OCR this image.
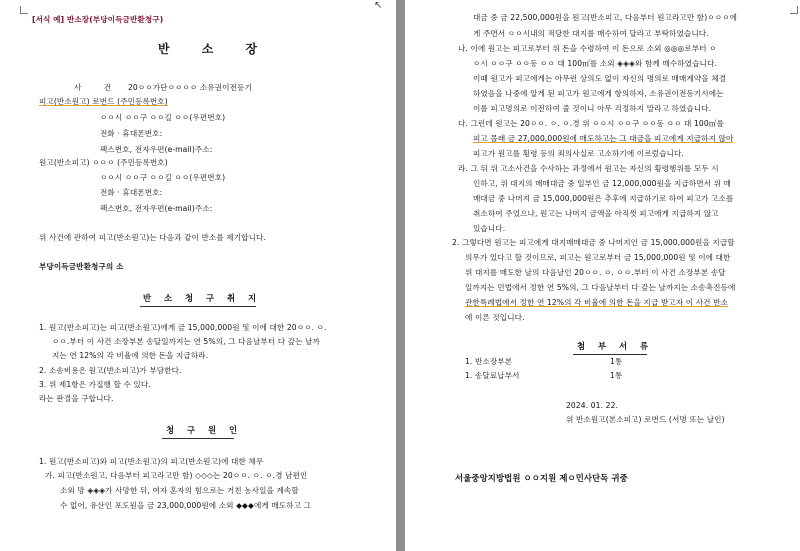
[서식 예] 반소장(부당이득금반환청구)
반 소 장
사 건 20ㅇㅇ가단ㅇㅇㅇㅇ 소유권이전등기
피고(반소원고) 로번드 (주민등록번호)
ㅇㅇ시 ㅇㅇ구 ㅇㅇ길 ㅇㅇ(우편번호)
전화 · 휴대폰번호:
팩스번호, 전자우편(e-mail)주소:
원고(반소피고) ㅇㅇㅇ (주민등록번호)
ㅇㅇ시 ㅇㅇ구 ㅇㅇ길 ㅇㅇ(우편번호)
전화 · 휴대폰번호:
팩스번호, 전자우편(e-mail)주소:
위 사건에 관하여 피고(반소원고)는 다음과 같이 반소를 제기합니다.
부당이득금반환청구의 소
반 소 청 구 취 지
1. 원고(반소피고)는 피고(반소원고)에게 금 15,000,000원 및 이에 대한 20ㅇㅇ. ㅇ.
ㅇㅇ.부터 이 사건 소장부본 송달일까지는 연 5%의, 그 다음날부터 다 갚는 날까
지는 연 12%의 각 비율에 의한 돈을 지급하라.
2. 소송비용은 원고(반소피고)가 부담한다.
3. 위 제1항은 가집행 할 수 있다.
라는 판결을 구합니다.
청 구 원 인
1. 원고(반소피고)와 피고(반소원고)의 피고(반소원고)에 대한 채무
가. 피고(반소원고, 다음부터 피고라고만 함) ◇◇◇는 20ㅇㅇ. ㅇ. ㅇ.경 남편인
소외 망 ◈◈◈가 사망한 뒤, 여자 혼자의 힘으로는 거친 농사일을 계속할
수 없어, 유산인 포도원을 금 23,000,000원에 소외 ◆◆◆에게 매도하고 그
↖
대금 중 금 22,500,000원을 원고(반소피고, 다음부터 원고라고만 함)ㅇㅇㅇ에
게 주면서 ㅇㅇ시내의 적당한 대지를 매수하여 달라고 부탁하였습니다.
나. 이에 원고는 피고로부터 위 돈을 수령하여 이 돈으로 소외 ◎◎◎로부터 ㅇ
ㅇ시 ㅇㅇ구 ㅇㅇ동 ㅇㅇ 대 100㎡를 소외 ◈◈◈와 함께 매수하였습니다.
이때 원고가 피고에게는 아무런 상의도 없이 자신의 명의로 매매계약을 체결
하였음을 나중에 알게 된 피고가 원고에게 항의하자, 소유권이전등기시에는
이를 피고명의로 이전하여 줄 것이니 아무 걱정하지 말라고 하였습니다.
다. 그런데 원고는 20ㅇㅇ. ㅇ. ㅇ.경 위 ㅇㅇ시 ㅇㅇ구 ㅇㅇ동 ㅇㅇ 대 100㎡를
피고 몰래 금 27,000,000원에 매도하고는 그 대금을 피고에게 지급하지 않아
피고가 원고를 횡령 등의 죄의사실로 고소하기에 이르렀습니다.
라. 그 뒤 위 고소사건을 수사하는 과정에서 원고는 자신의 횡령행위를 모두 시
인하고, 위 대지의 매매대금 중 일부인 금 12,000,000원을 지급하면서 위 매
매대금 중 나머지 금 15,000,000원은 추후에 지급하기로 하여 피고가 고소를
취소하여 주었으나, 원고는 나머지 금액을 아직껏 피고에게 지급하지 않고
있습니다.
2. 그렇다면 원고는 피고에게 대지매매대금 중 나머지인 금 15,000,000원을 지급할
의무가 있다고 할 것이므로, 피고는 원고로부터 금 15,000,000원 및 이에 대한
위 대지를 매도한 날의 다음날인 20ㅇㅇ. ㅇ. ㅇㅇ.부터 이 사건 소장부본 송달
일까지는 민법에서 정한 연 5%의, 그 다음날부터 다 갚는 날까지는 소송촉진등에
관한특례법에서 정한 연 12%의 각 비율에 의한 돈을 지급 받고자 이 사건 반소
에 이른 것입니다.
첨 부 서 류
1. 반소장부본	1통
1. 송달료납부서	1통
2024. 01. 22.
위 반소원고(본소피고) 로번드 (서명 또는 날인)
서울중앙지방법원 ㅇㅇ지원 제ㅇ민사단독 귀중
